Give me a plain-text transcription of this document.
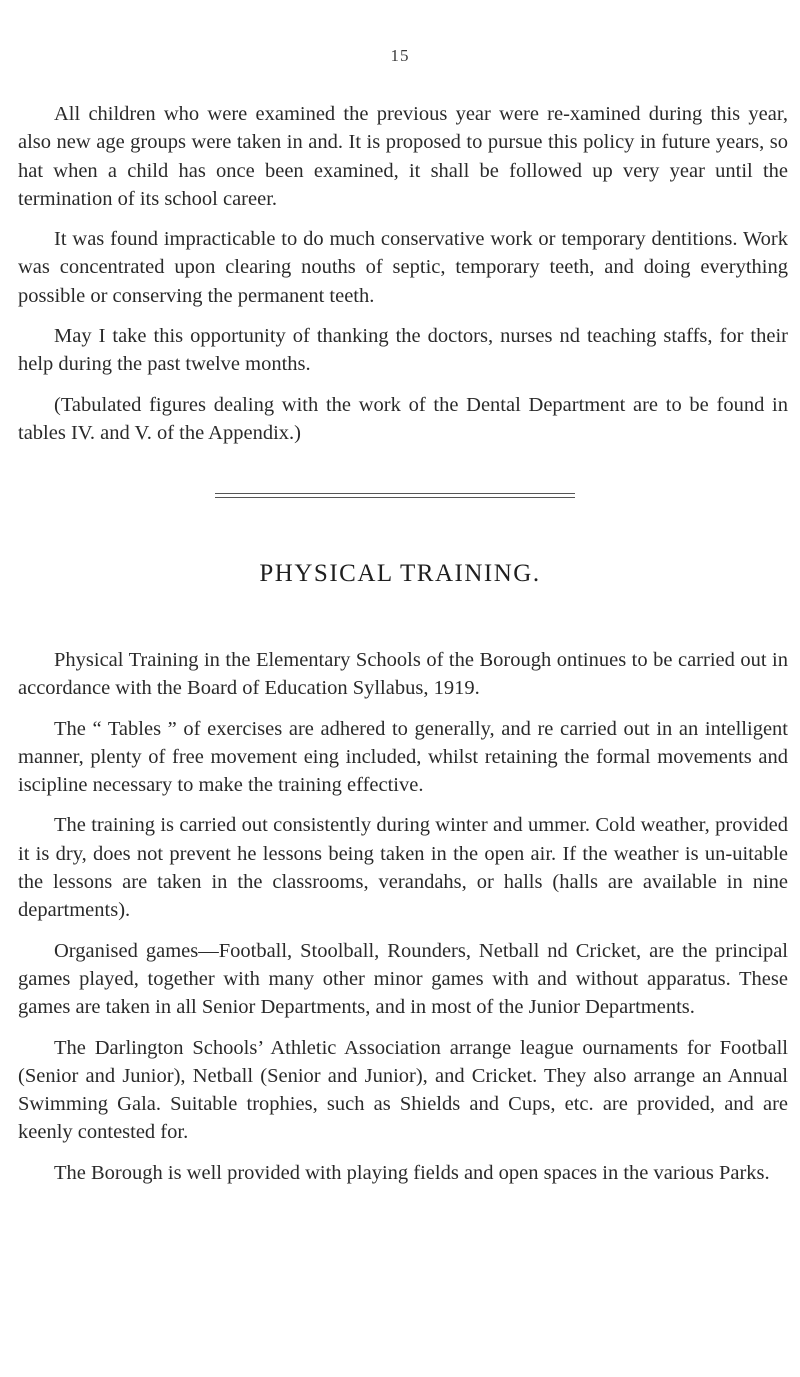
15

All children who were examined the previous year were re-xamined during this year, also new age groups were taken in and. It is proposed to pursue this policy in future years, so hat when a child has once been examined, it shall be followed up very year until the termination of its school career.

It was found impracticable to do much conservative work or temporary dentitions. Work was concentrated upon clearing nouths of septic, temporary teeth, and doing everything possible or conserving the permanent teeth.

May I take this opportunity of thanking the doctors, nurses nd teaching staffs, for their help during the past twelve months.

(Tabulated figures dealing with the work of the Dental Department are to be found in tables IV. and V. of the Appendix.)

PHYSICAL TRAINING.

Physical Training in the Elementary Schools of the Borough ontinues to be carried out in accordance with the Board of Education Syllabus, 1919.

The “ Tables ” of exercises are adhered to generally, and re carried out in an intelligent manner, plenty of free movement eing included, whilst retaining the formal movements and iscipline necessary to make the training effective.

The training is carried out consistently during winter and ummer. Cold weather, provided it is dry, does not prevent he lessons being taken in the open air. If the weather is un-uitable the lessons are taken in the classrooms, verandahs, or halls (halls are available in nine departments).

Organised games—Football, Stoolball, Rounders, Netball nd Cricket, are the principal games played, together with many other minor games with and without apparatus. These games are taken in all Senior Departments, and in most of the Junior Departments.

The Darlington Schools’ Athletic Association arrange league ournaments for Football (Senior and Junior), Netball (Senior and Junior), and Cricket. They also arrange an Annual Swimming Gala. Suitable trophies, such as Shields and Cups, etc. are provided, and are keenly contested for.

The Borough is well provided with playing fields and open spaces in the various Parks.
